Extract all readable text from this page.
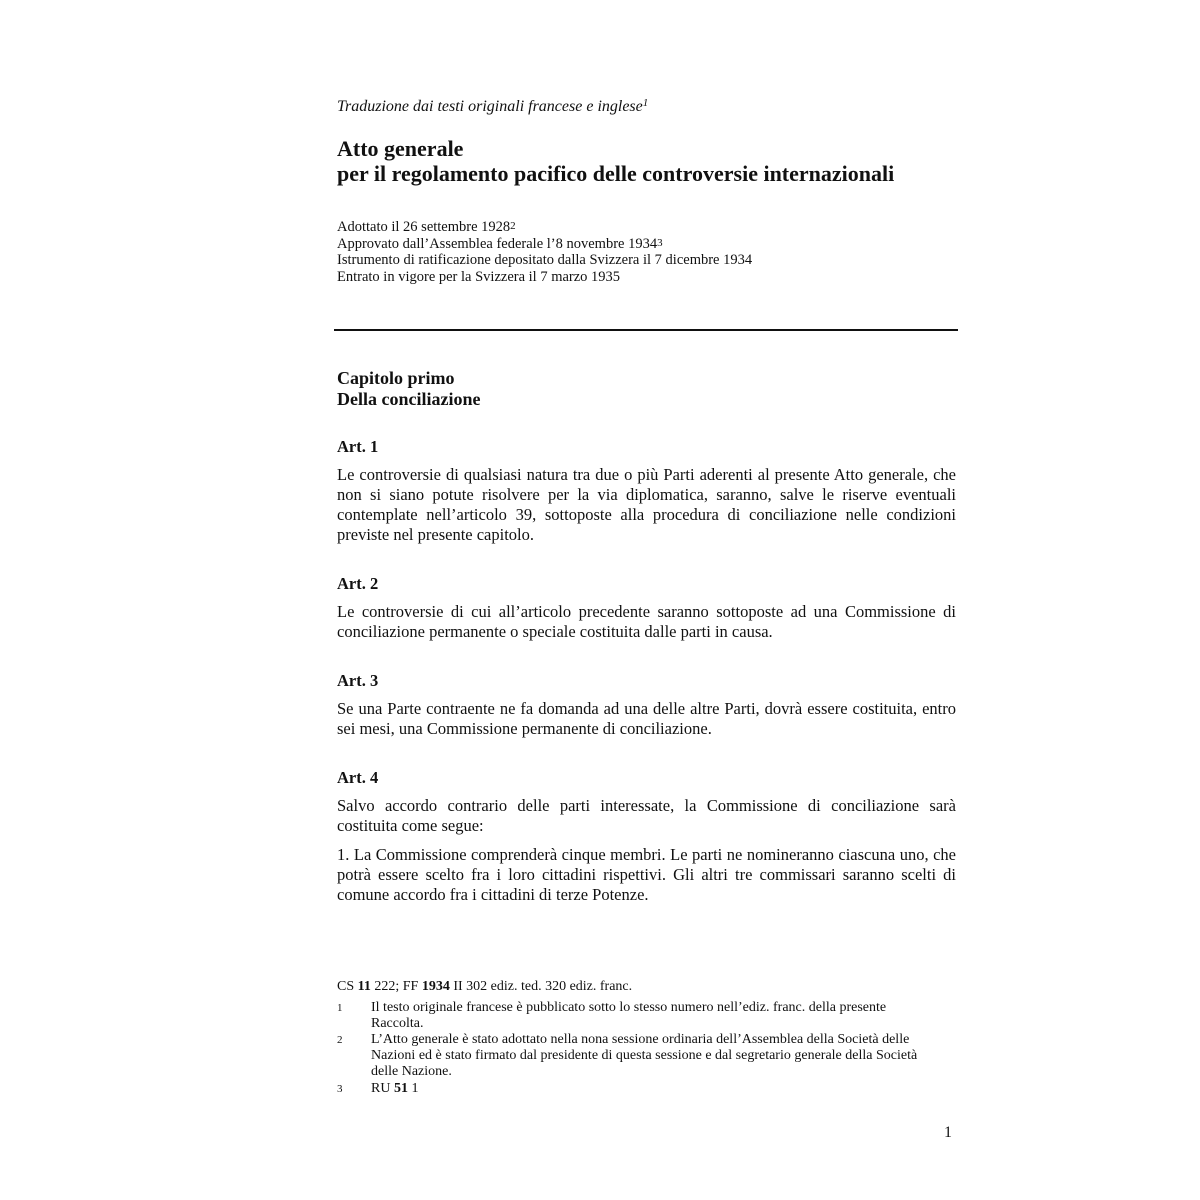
Traduzione dai testi originali francese e inglese$^1$
Atto generale
per il regolamento pacifico delle controversie internazionali
Adottato il 26 settembre 1928$^2$
Approvato dall’Assemblea federale l’8 novembre 1934$^3$
Istrumento di ratificazione depositato dalla Svizzera il 7 dicembre 1934
Entrato in vigore per la Svizzera il 7 marzo 1935
Capitolo primo
Della conciliazione
Art. 1
Le controversie di qualsiasi natura tra due o più Parti aderenti al presente Atto generale, che non si siano potute risolvere per la via diplomatica, saranno, salve le riserve eventuali contemplate nell’articolo 39, sottoposte alla procedura di conciliazione nelle condizioni previste nel presente capitolo.
Art. 2
Le controversie di cui all’articolo precedente saranno sottoposte ad una Commissione di conciliazione permanente o speciale costituita dalle parti in causa.
Art. 3
Se una Parte contraente ne fa domanda ad una delle altre Parti, dovrà essere costituita, entro sei mesi, una Commissione permanente di conciliazione.
Art. 4
Salvo accordo contrario delle parti interessate, la Commissione di conciliazione sarà costituita come segue:
1. La Commissione comprenderà cinque membri. Le parti ne nomineranno ciascuna uno, che potrà essere scelto fra i loro cittadini rispettivi. Gli altri tre commissari saranno scelti di comune accordo fra i cittadini di terze Potenze.
CS 11 222; FF 1934 II 302 ediz. ted. 320 ediz. franc.
1 Il testo originale francese è pubblicato sotto lo stesso numero nell’ediz. franc. della presente Raccolta.
2 L’Atto generale è stato adottato nella nona sessione ordinaria dell’Assemblea della Società delle Nazioni ed è stato firmato dal presidente di questa sessione e dal segretario generale della Società delle Nazione.
3 RU 51 1
1
